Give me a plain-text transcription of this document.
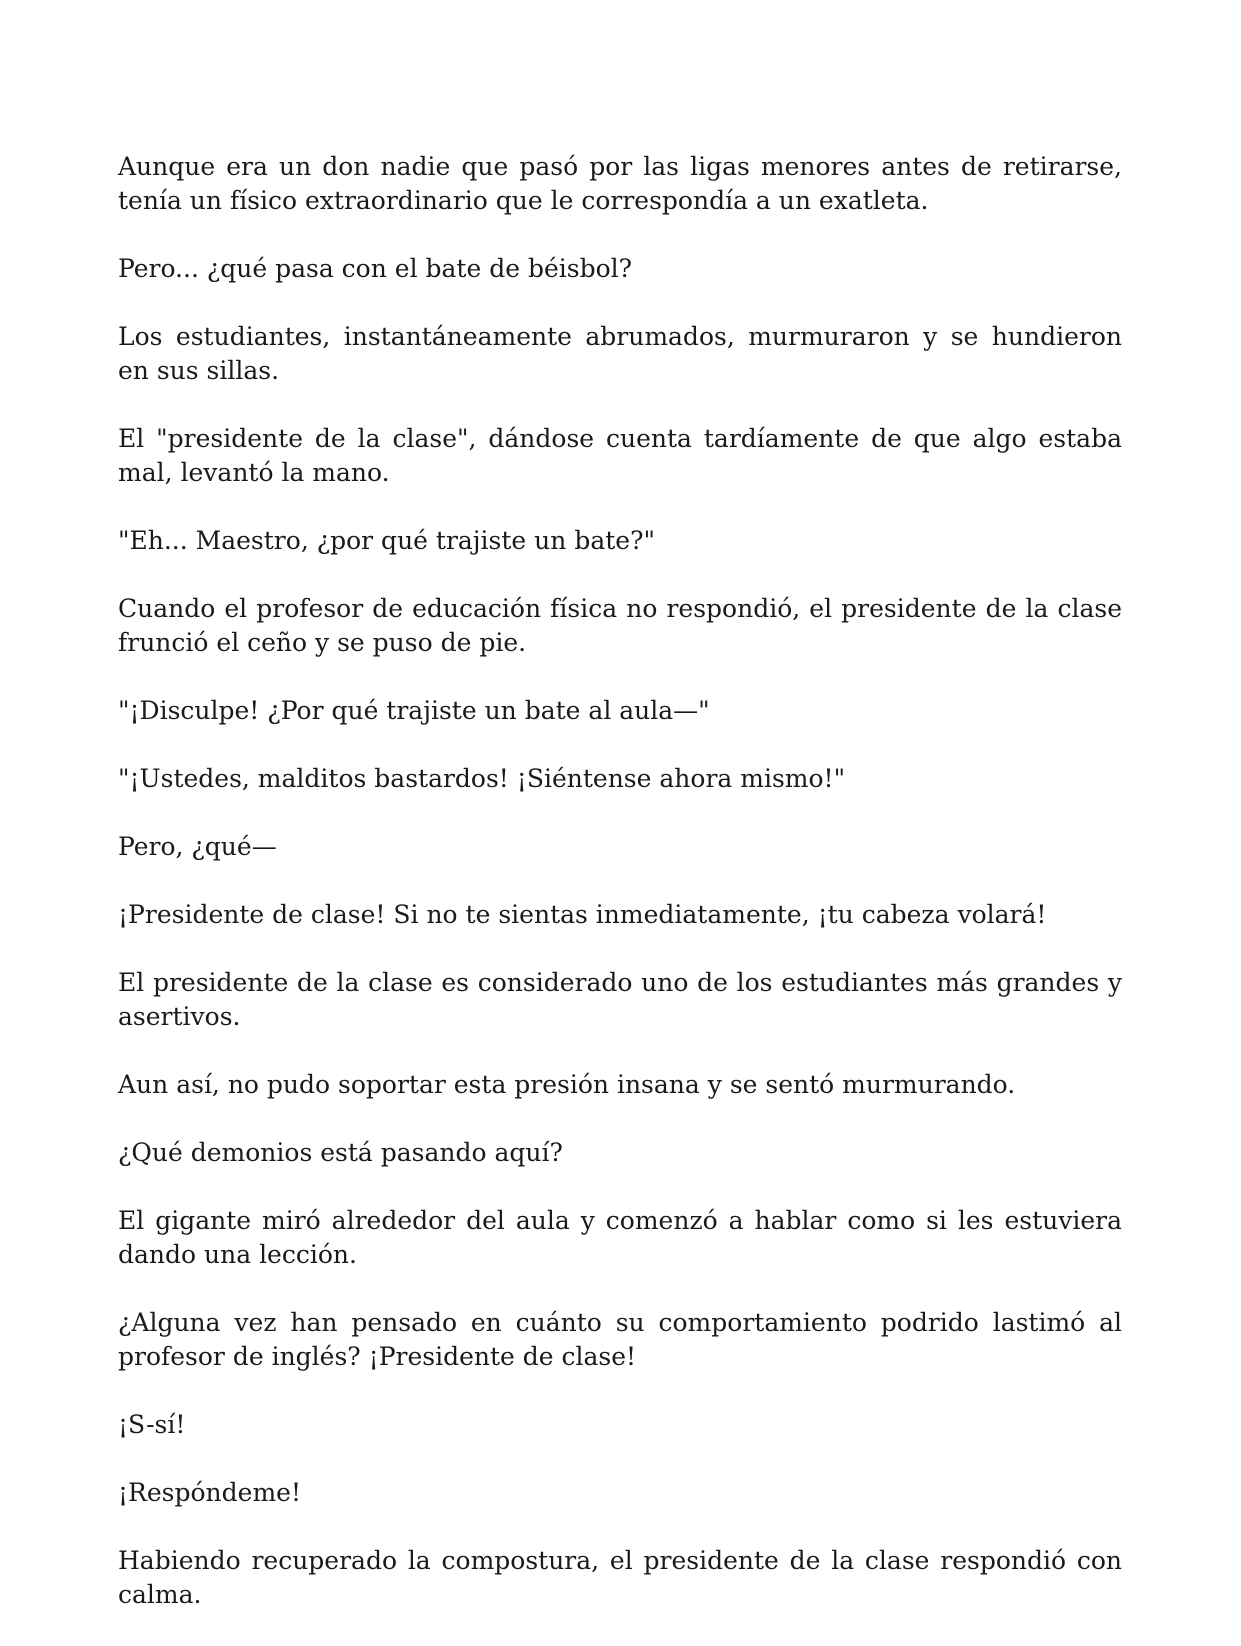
Aunque era un don nadie que pasó por las ligas menores antes de retirarse, tenía un físico extraordinario que le correspondía a un exatleta.

Pero... ¿qué pasa con el bate de béisbol?

Los estudiantes, instantáneamente abrumados, murmuraron y se hundieron en sus sillas.

El "presidente de la clase", dándose cuenta tardíamente de que algo estaba mal, levantó la mano.

"Eh... Maestro, ¿por qué trajiste un bate?"

Cuando el profesor de educación física no respondió, el presidente de la clase frunció el ceño y se puso de pie.

"¡Disculpe! ¿Por qué trajiste un bate al aula—"

"¡Ustedes, malditos bastardos! ¡Siéntense ahora mismo!"

Pero, ¿qué—

¡Presidente de clase! Si no te sientas inmediatamente, ¡tu cabeza volará!

El presidente de la clase es considerado uno de los estudiantes más grandes y asertivos.

Aun así, no pudo soportar esta presión insana y se sentó murmurando.

¿Qué demonios está pasando aquí?

El gigante miró alrededor del aula y comenzó a hablar como si les estuviera dando una lección.

¿Alguna vez han pensado en cuánto su comportamiento podrido lastimó al profesor de inglés? ¡Presidente de clase!

¡S-sí!

¡Respóndeme!

Habiendo recuperado la compostura, el presidente de la clase respondió con calma.
